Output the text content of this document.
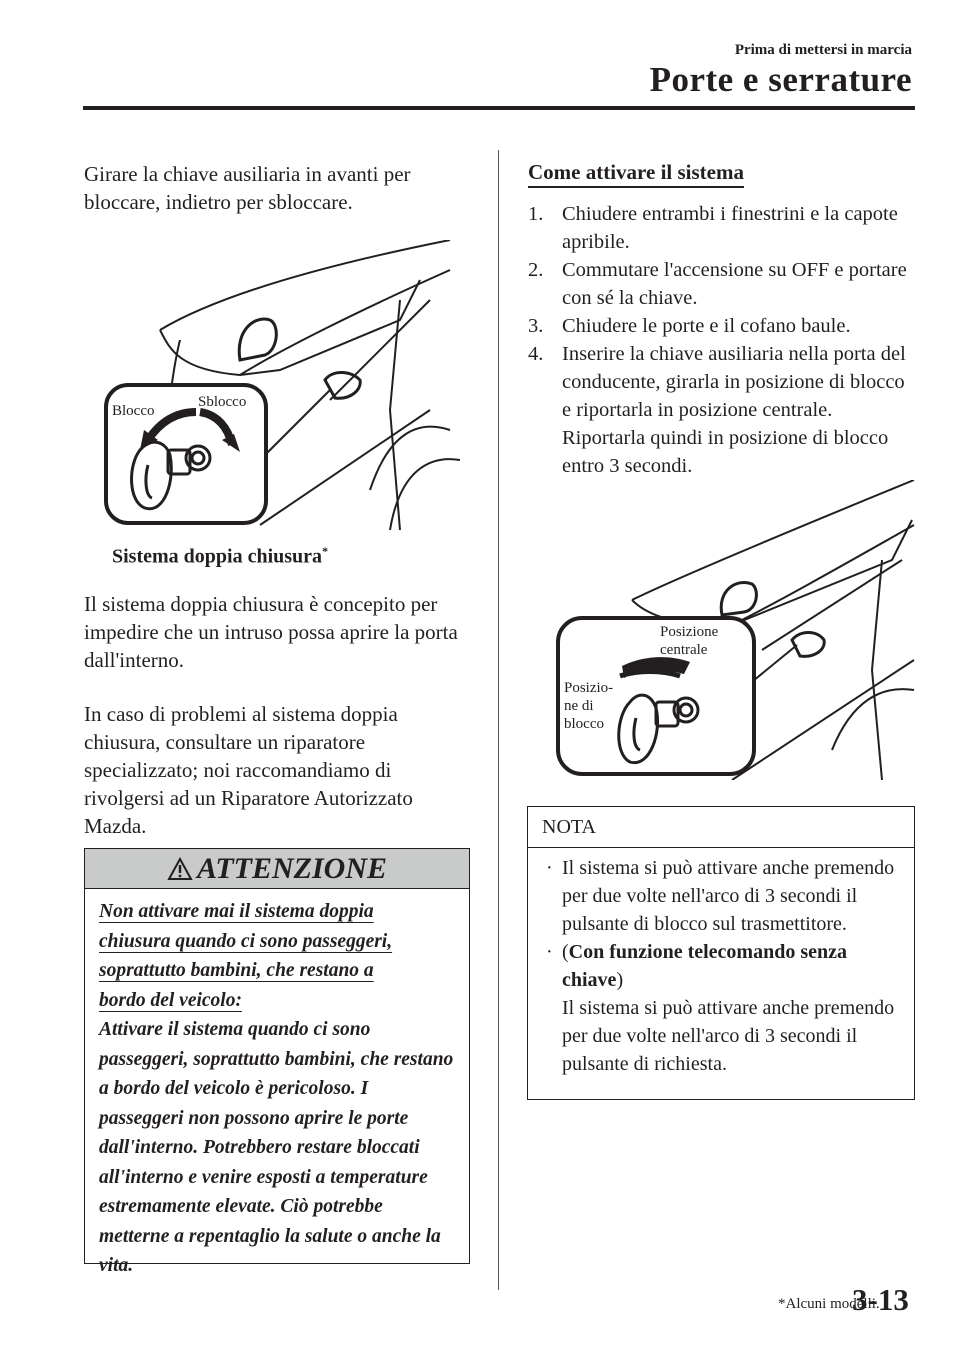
Prima di mettersi in marcia
Porte e serrature

Girare la chiave ausiliaria in avanti per bloccare, indietro per sbloccare.

Blocco
Sblocco
Sistema doppia chiusura*

Il sistema doppia chiusura è concepito per impedire che un intruso possa aprire la porta dall'interno.

In caso di problemi al sistema doppia chiusura, consultare un riparatore specializzato; noi raccomandiamo di rivolgersi ad un Riparatore Autorizzato Mazda.

ATTENZIONE
Non attivare mai il sistema doppia
chiusura quando ci sono passeggeri,
soprattutto bambini, che restano a
bordo del veicolo:
Attivare il sistema quando ci sono passeggeri, soprattutto bambini, che restano a bordo del veicolo è pericoloso. I passeggeri non possono aprire le porte dall'interno. Potrebbero restare bloccati all'interno e venire esposti a temperature estremamente elevate. Ciò potrebbe metterne a repentaglio la salute o anche la vita.
Come attivare il sistema
1. Chiudere entrambi i finestrini e la capote apribile.
2. Commutare l'accensione su OFF e portare con sé la chiave.
3. Chiudere le porte e il cofano baule.
4. Inserire la chiave ausiliaria nella porta del conducente, girarla in posizione di blocco e riportarla in posizione centrale. Riportarla quindi in posizione di blocco entro 3 secondi.
Posizione
centrale
Posizio-
ne di
blocco
NOTA
· Il sistema si può attivare anche premendo per due volte nell'arco di 3 secondi il pulsante di blocco sul trasmettitore.
· (Con funzione telecomando senza chiave)
Il sistema si può attivare anche premendo per due volte nell'arco di 3 secondi il pulsante di richiesta.
*Alcuni modelli.
3-13
